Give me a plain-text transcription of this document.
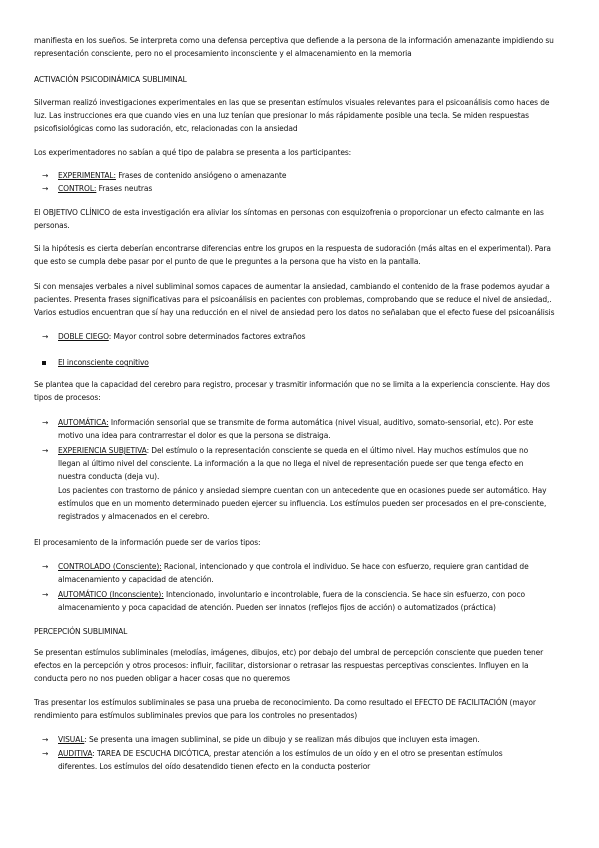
manifiesta en los sueños. Se interpreta como una defensa perceptiva que defiende a la persona de la información amenazante impidiendo su
representación consciente, pero no el procesamiento inconsciente y el almacenamiento en la memoria

ACTIVACIÓN PSICODINÁMICA SUBLIMINAL

Silverman realizó investigaciones experimentales en las que se presentan estímulos visuales relevantes para el psicoanálisis como haces de
luz. Las instrucciones era que cuando vies en una luz tenían que presionar lo más rápidamente posible una tecla. Se miden respuestas
psicofisiológicas como las sudoración, etc, relacionadas con la ansiedad

Los experimentadores no sabían a qué tipo de palabra se presenta a los participantes:

→	EXPERIMENTAL: Frases de contenido ansiógeno o amenazante
→	CONTROL: Frases neutras

El OBJETIVO CLÍNICO de esta investigación era aliviar los síntomas en personas con esquizofrenia o proporcionar un efecto calmante en las
personas.

Si la hipótesis es cierta deberían encontrarse diferencias entre los grupos en la respuesta de sudoración (más altas en el experimental). Para
que esto se cumpla debe pasar por el punto de que le preguntes a la persona que ha visto en la pantalla.

Si con mensajes verbales a nivel subliminal somos capaces de aumentar la ansiedad, cambiando el contenido de la frase podemos ayudar a
pacientes. Presenta frases significativas para el psicoanálisis en pacientes con problemas, comprobando que se reduce el nivel de ansiedad,.
Varios estudios encuentran que sí hay una reducción en el nivel de ansiedad pero los datos no señalaban que el efecto fuese del psicoanálisis

→	DOBLE CIEGO: Mayor control sobre determinados factores extraños
El inconsciente cognitivo

Se plantea que la capacidad del cerebro para registro, procesar y trasmitir información que no se limita a la experiencia consciente. Hay dos
tipos de procesos:

→	AUTOMÁTICA: Información sensorial que se transmite de forma automática (nivel visual, auditivo, somato-sensorial, etc). Por este
motivo una idea para contrarrestar el dolor es que la persona se distraiga.
→	EXPERIENCIA SUBJETIVA: Del estímulo o la representación consciente se queda en el último nivel. Hay muchos estímulos que no
llegan al último nivel del consciente. La información a la que no llega el nivel de representación puede ser que tenga efecto en
nuestra conducta (deja vu).
Los pacientes con trastorno de pánico y ansiedad siempre cuentan con un antecedente que en ocasiones puede ser automático. Hay
estímulos que en un momento determinado pueden ejercer su influencia. Los estímulos pueden ser procesados en el pre-consciente,
registrados y almacenados en el cerebro.

El procesamiento de la información puede ser de varios tipos:

→	CONTROLADO (Consciente): Racional, intencionado y que controla el individuo. Se hace con esfuerzo, requiere gran cantidad de
almacenamiento y capacidad de atención.
→	AUTOMÁTICO (Inconsciente): Intencionado, involuntario e incontrolable, fuera de la consciencia. Se hace sin esfuerzo, con poco
almacenamiento y poca capacidad de atención. Pueden ser innatos (reflejos fijos de acción) o automatizados (práctica)

PERCEPCIÓN SUBLIMINAL

Se presentan estímulos subliminales (melodías, imágenes, dibujos, etc) por debajo del umbral de percepción consciente que pueden tener
efectos en la percepción y otros procesos: influir, facilitar, distorsionar o retrasar las respuestas perceptivas conscientes. Influyen en la
conducta pero no nos pueden obligar a hacer cosas que no queremos

Tras presentar los estímulos subliminales se pasa una prueba de reconocimiento. Da como resultado el EFECTO DE FACILITACIÓN (mayor
rendimiento para estímulos subliminales previos que para los controles no presentados)

→	VISUAL: Se presenta una imagen subliminal, se pide un dibujo y se realizan más dibujos que incluyen esta imagen.
→	AUDITIVA: TAREA DE ESCUCHA DICÓTICA, prestar atención a los estímulos de un oído y en el otro se presentan estímulos
diferentes. Los estímulos del oído desatendido tienen efecto en la conducta posterior
